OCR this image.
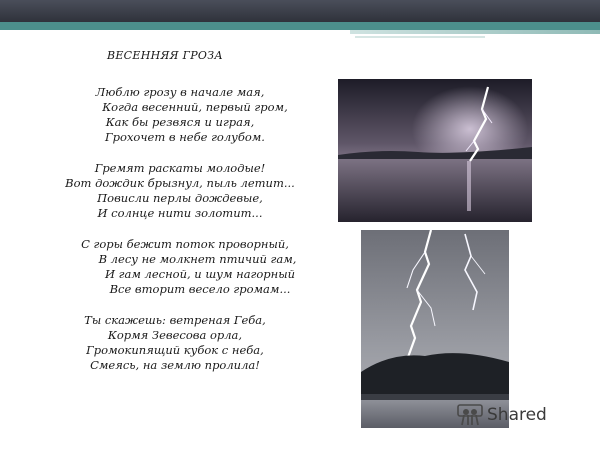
ВЕСЕННЯЯ ГРОЗА
Люблю грозу в начале мая,
Когда весенний, первый гром,
Как бы резвяся и играя,
Грохочет в небе голубом.
Гремят раскаты молодые!
Вот дождик брызнул, пыль летит...
Повисли перлы дождевые,
И солнце нити золотит...
С горы бежит поток проворный,
В лесу не молкнет птичий гам,
И гам лесной, и шум нагорный
Все вторит весело громам...
Ты скажешь: ветреная Геба,
Кормя Зевесова орла,
Громокипящий кубок с неба,
Смеясь, на землю пролила!
Shared
